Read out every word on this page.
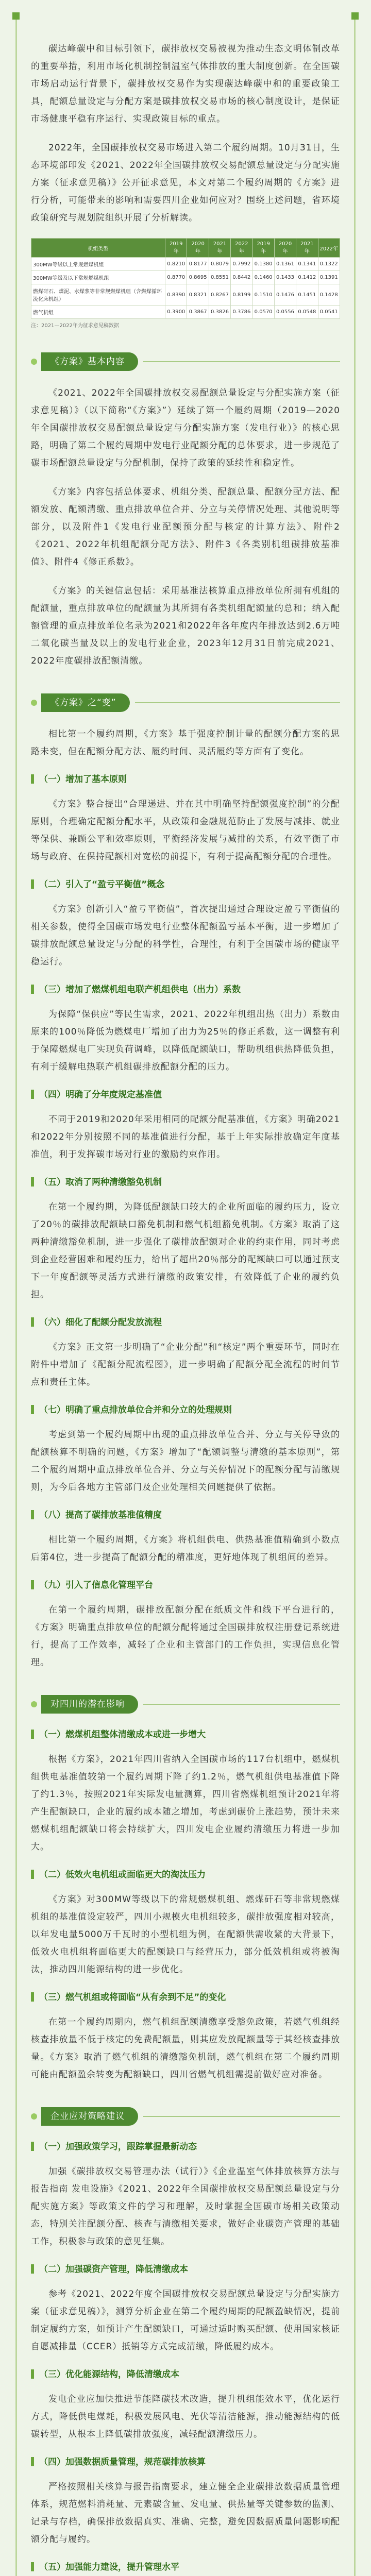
碳达峰碳中和目标引领下，碳排放权交易被视为推动生态文明体制改革的重要举措，利用市场化机制控制温室气体排放的重大制度创新。在全国碳市场启动运行背景下，碳排放权交易作为实现碳达峰碳中和的重要政策工具，配额总量设定与分配方案是碳排放权交易市场的核心制度设计，是保证市场健康平稳有序运行、实现政策目标的重点。

2022年，全国碳排放权交易市场进入第二个履约周期。10月31日，生态环境部印发《2021、2022年全国碳排放权交易配额总量设定与分配实施方案（征求意见稿）》公开征求意见，本文对第二个履约周期的《方案》进行分析，可能带来的影响和需要四川企业如何应对？围绕上述问题，省环境政策研究与规划院组织开展了分析解读。

机组类型	2019年	2020年	2021年	2022年	2019年	2020年	2021年	2022年
300MW等级以上常规燃煤机组	0.8210	0.8177	0.8079	0.7992	0.1380	0.1361	0.1341	0.1322
300MW等级及以下常规燃煤机组	0.8770	0.8695	0.8551	0.8442	0.1460	0.1433	0.1412	0.1391
燃煤矸石、煤泥、水煤浆等非常规燃煤机组（含燃煤循环流化床机组）	0.8390	0.8321	0.8267	0.8199	0.1510	0.1476	0.1451	0.1428
燃气机组	0.3900	0.3867	0.3826	0.3786	0.0570	0.0556	0.0548	0.0541
注：2021—2022年为征求意见稿数据
《方案》基本内容

《2021、2022年全国碳排放权交易配额总量设定与分配实施方案（征求意见稿）》（以下简称“《方案》”）延续了第一个履约周期（2019—2020年全国碳排放权交易配额总量设定与分配实施方案（发电行业）》的核心思路，明确了第二个履约周期中发电行业配额分配的总体要求，进一步规范了碳市场配额总量设定与分配机制，保持了政策的延续性和稳定性。

《方案》内容包括总体要求、机组分类、配额总量、配额分配方法、配额发放、配额清缴、重点排放单位合并、分立与关停情况处理、其他说明等部分，以及附件1《发电行业配额预分配与核定的计算方法》、附件2《2021、2022年机组配额分配方法》、附件3《各类别机组碳排放基准值》、附件4《修正系数》。

《方案》的关键信息包括：采用基准法核算重点排放单位所拥有机组的配额量，重点排放单位的配额量为其所拥有各类机组配额量的总和；纳入配额管理的重点排放单位名录为2021和2022年各年度内年排放达到2.6万吨二氧化碳当量及以上的发电行业企业，2023年12月31日前完成2021、2022年度碳排放配额清缴。

《方案》之“变”

相比第一个履约周期，《方案》基于强度控制计量的配额分配方案的思路未变，但在配额分配方法、履约时间、灵活履约等方面有了变化。

（一）增加了基本原则

《方案》整合提出“合理递进、并在其中明确坚持配额强度控制”的分配原则，合理确定配额分配水平，从政策和金融规范防止了发展与减排、就业等保供、兼顾公平和效率原则，平衡经济发展与减排的关系，有效平衡了市场与政府、在保持配额相对宽松的前提下，有利于提高配额分配的合理性。

（二）引入了“盈亏平衡值”概念

《方案》创新引入“盈亏平衡值”，首次提出通过合理设定盈亏平衡值的相关参数，使得全国碳市场发电行业整体配额盈亏基本平衡，进一步增加了碳排放配额总量设定与分配的科学性，合理性，有利于全国碳市场的健康平稳运行。

（三）增加了燃煤机组电联产机组供电（出力）系数

为保障“保供应”等民生需求，2021、2022年机组出热（出力）系数由原来的100％降低为燃煤电厂增加了出力为25％的修正系数，这一调整有利于保障燃煤电厂实现负荷调峰，以降低配额缺口，帮助机组供热降低负担，有利于缓解电热联产机组碳排放配额分配的压力。

（四）明确了分年度规定基准值

不同于2019和2020年采用相同的配额分配基准值，《方案》明确2021和2022年分别按照不同的基准值进行分配，基于上年实际排放确定年度基准值，利于发挥碳市场对行业的激励约束作用。

（五）取消了两种清缴豁免机制

在第一个履约期，为降低配额缺口较大的企业所面临的履约压力，设立了20％的碳排放配额缺口豁免机制和燃气机组豁免机制。《方案》取消了这两种清缴豁免机制，进一步强化了碳排放配额对企业的约束作用，同时考虑到企业经营困难和履约压力，给出了超出20％部分的配额缺口可以通过预支下一年度配额等灵活方式进行清缴的政策安排，有效降低了企业的履约负担。

（六）细化了配额分配发放流程

《方案》正文第一步明确了“企业分配”和“核定”两个重要环节，同时在附件中增加了《配额分配流程图》，进一步明确了配额分配全流程的时间节点和责任主体。

（七）明确了重点排放单位合并和分立的处理规则

考虑到第一个履约周期中出现的重点排放单位合并、分立与关停导致的配额核算不明确的问题，《方案》增加了“配额调整与清缴的基本原则”，第二个履约周期中重点排放单位合并、分立与关停情况下的配额分配与清缴规则，为今后各地方主管部门及企业处理相关问题提供了依据。

（八）提高了碳排放基准值精度

相比第一个履约周期，《方案》将机组供电、供热基准值精确到小数点后第4位，进一步提高了配额分配的精准度，更好地体现了机组间的差异。

（九）引入了信息化管理平台

在第一个履约周期，碳排放配额分配在纸质文件和线下平台进行的，《方案》明确重点排放单位的配额分配将通过全国碳排放权注册登记系统进行，提高了工作效率，减轻了企业和主管部门的工作负担，实现信息化管理。

对四川的潜在影响
（一）燃煤机组整体清缴成本或进一步增大

根据《方案》，2021年四川省纳入全国碳市场的117台机组中，燃煤机组供电基准值较第一个履约周期下降了约1.2％，燃气机组供电基准值下降了约1.3％，按照2021年实际发电量测算，四川省燃煤机组预计2021年将产生配额缺口，企业的履约成本随之增加，考虑到碳价上涨趋势，预计未来燃煤机组配额缺口将会持续扩大，四川发电企业履约清缴压力将进一步加大。

（二）低效火电机组或面临更大的淘汰压力

《方案》对300MW等级以下的常规燃煤机组、燃煤矸石等非常规燃煤机组的基准值设定较严，四川小规模火电机组较多，碳排放强度相对较高，以年发电量5000万千瓦时的小型机组为例，在配额供需收紧的大背景下，低效火电机组将面临更大的配额缺口与经营压力，部分低效机组或将被淘汰，推动四川能源结构的进一步优化。

（三）燃气机组或将面临“从有余到不足”的变化

在第一个履约周期内，燃气机组配额清缴享受豁免政策，若燃气机组经核查排放量不低于核定的免费配额量，则其应发放配额量等于其经核查排放量。《方案》取消了燃气机组的清缴豁免机制，燃气机组在第二个履约周期可能由配额盈余转变为配额缺口，四川省燃气机组需提前做好应对准备。

企业应对策略建议
（一）加强政策学习，跟踪掌握最新动态

加强《碳排放权交易管理办法（试行）》《企业温室气体排放核算方法与报告指南 发电设施》《2021、2022年全国碳排放权交易配额总量设定与分配实施方案》等政策文件的学习和理解，及时掌握全国碳市场相关政策动态，特别关注配额分配、核查与清缴相关要求，做好企业碳资产管理的基础工作，积极参与政策的意见征集。

（二）加强碳资产管理，降低清缴成本

参考《2021、2022年度全国碳排放权交易配额总量设定与分配实施方案（征求意见稿）》，测算分析企业在第二个履约周期的配额盈缺情况，提前制定履约方案，如预计产生配额缺口，可通过适时购买配额、使用国家核证自愿减排量（CCER）抵销等方式完成清缴，降低履约成本。

（三）优化能源结构，降低清缴成本

发电企业应加快推进节能降碳技术改造，提升机组能效水平，优化运行方式，降低供电煤耗，积极发展风电、光伏等清洁能源，推动能源结构的低碳转型，从根本上降低碳排放强度，减轻配额清缴压力。

（四）加强数据质量管理，规范碳排放核算

严格按照相关核算与报告指南要求，建立健全企业碳排放数据质量管理体系，规范燃料消耗量、元素碳含量、发电量、供热量等关键参数的监测、记录与存档，确保排放数据真实、准确、完整，避免因数据质量问题影响配额分配与履约。

（五）加强能力建设，提升管理水平
